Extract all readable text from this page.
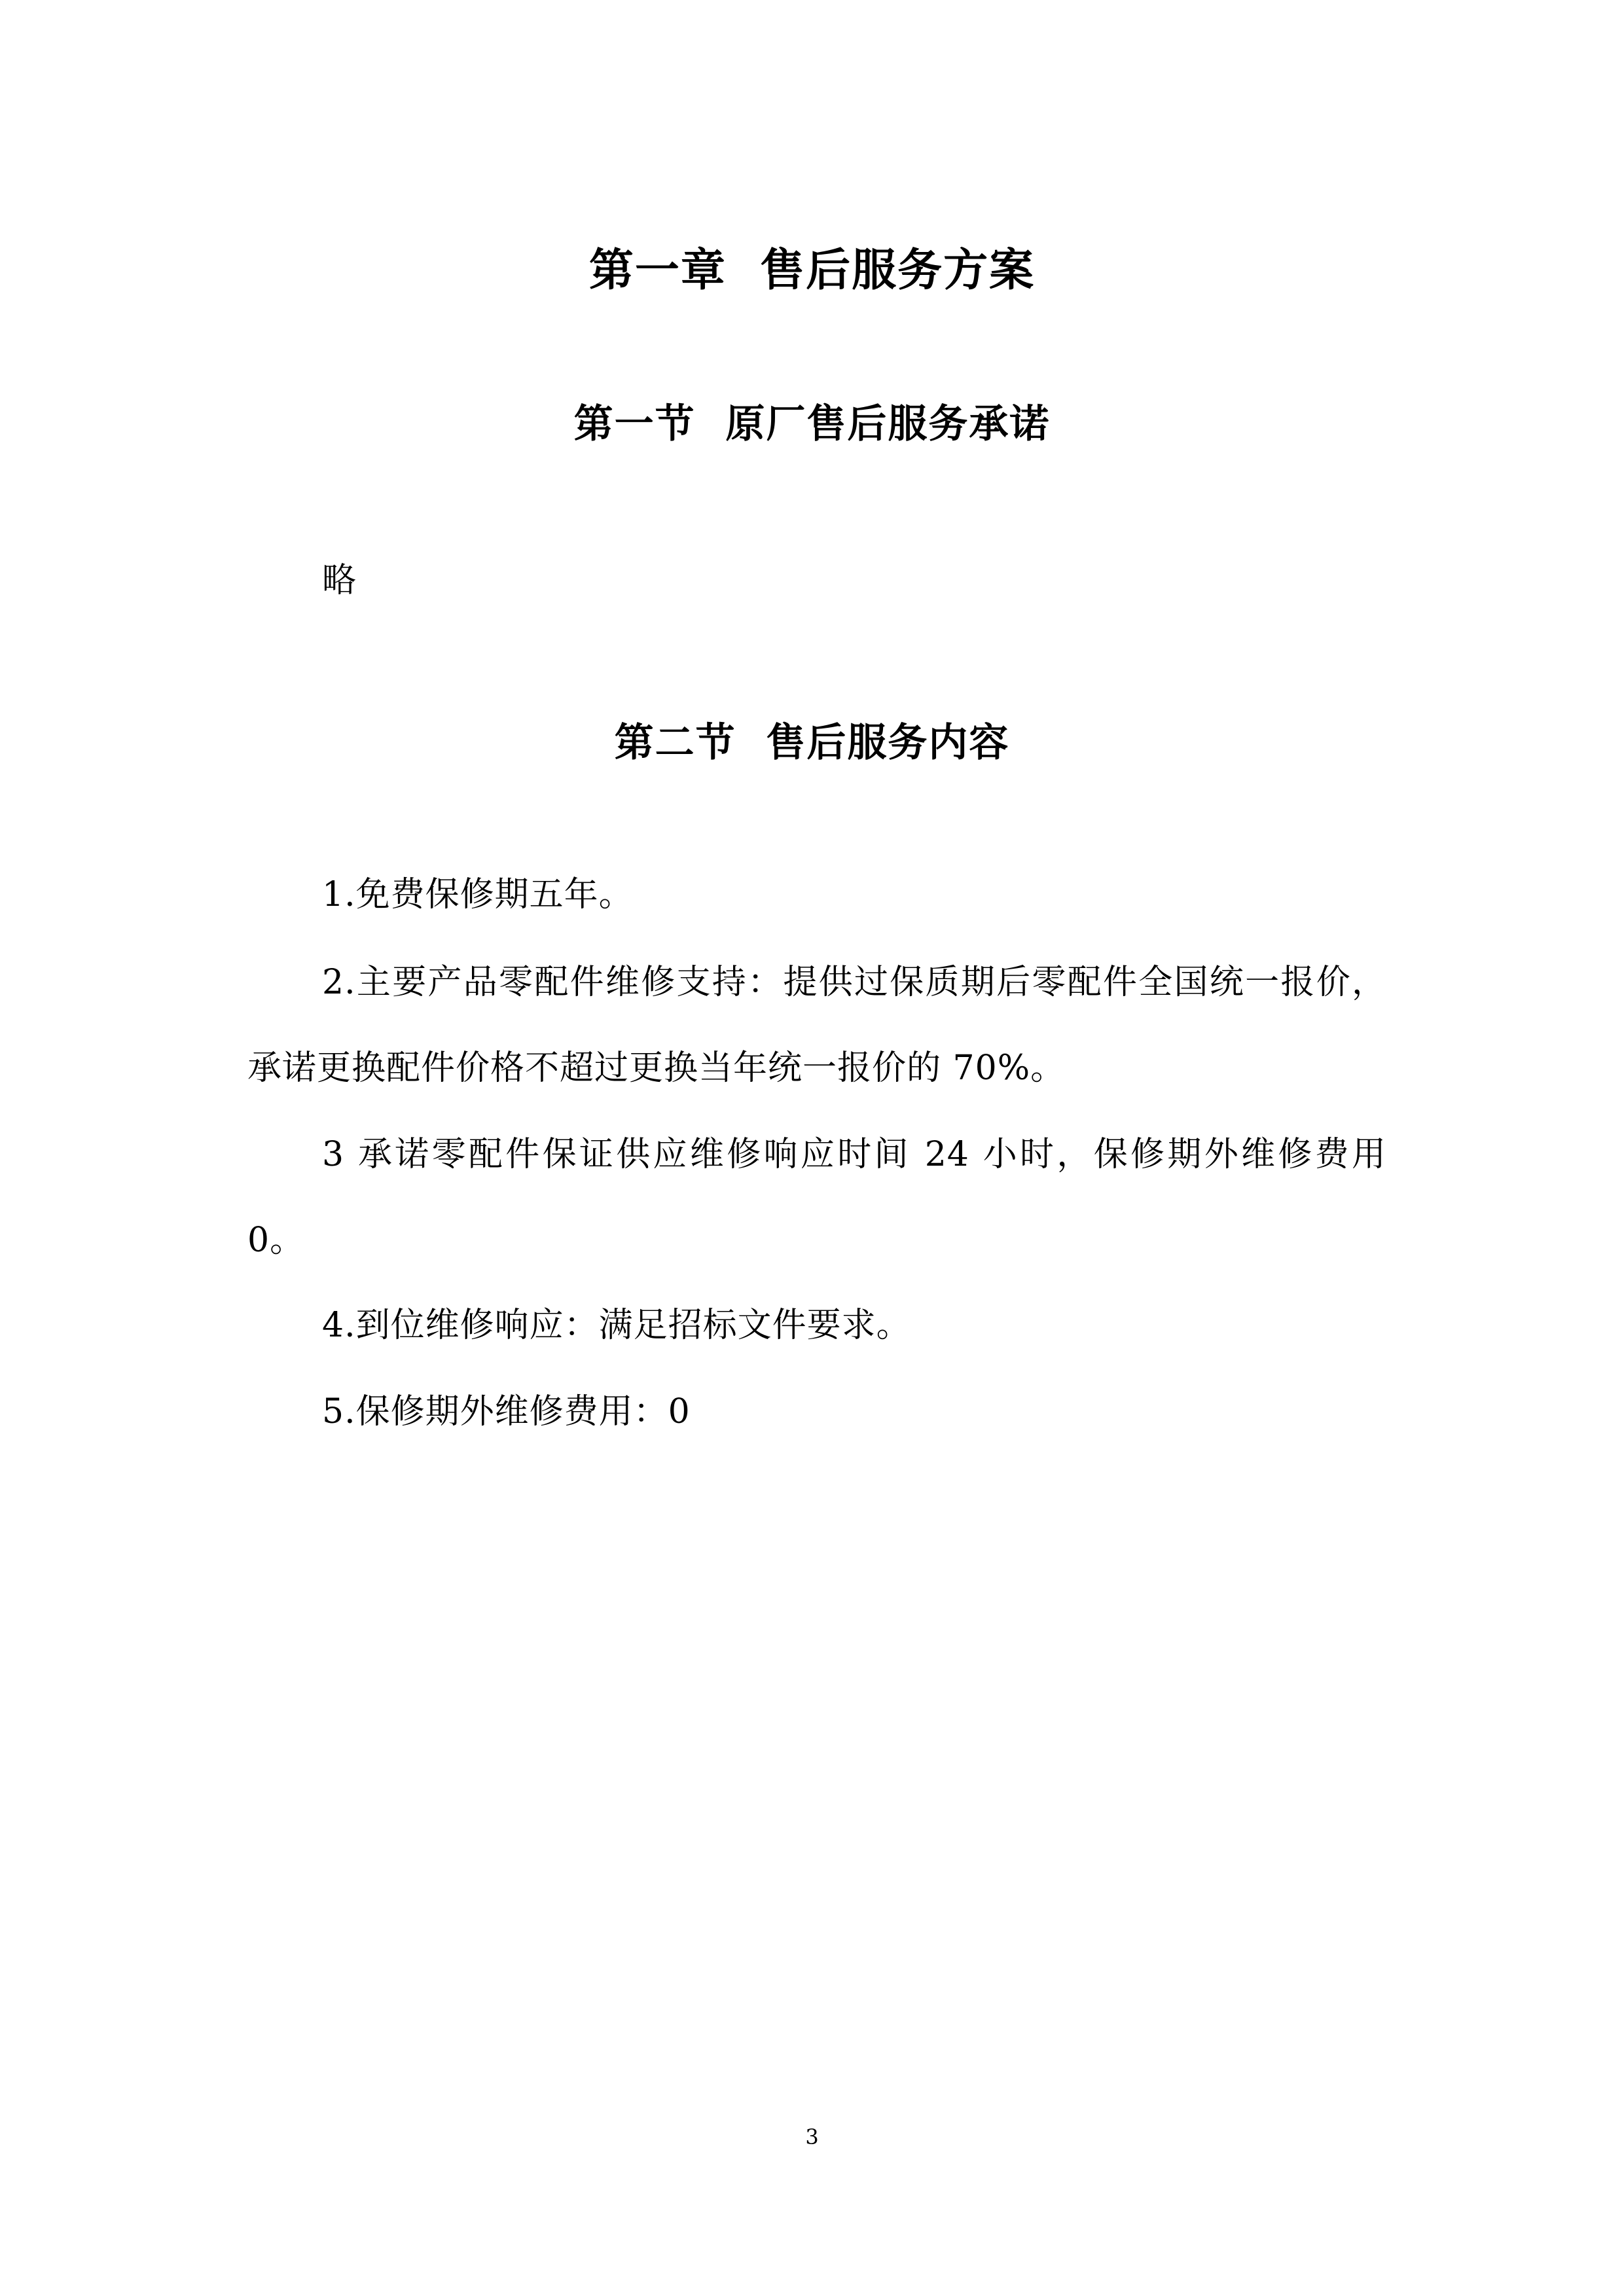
第一章  售后服务方案
第一节  原厂售后服务承诺

略

第二节  售后服务内容

1.免费保修期五年。

2.主要产品零配件维修支持：提供过保质期后零配件全国统一报价，承诺更换配件价格不超过更换当年统一报价的 70%。

3 承诺零配件保证供应维修响应时间 24 小时，保修期外维修费用 0。

4.到位维修响应：满足招标文件要求。

5.保修期外维修费用：0

3
